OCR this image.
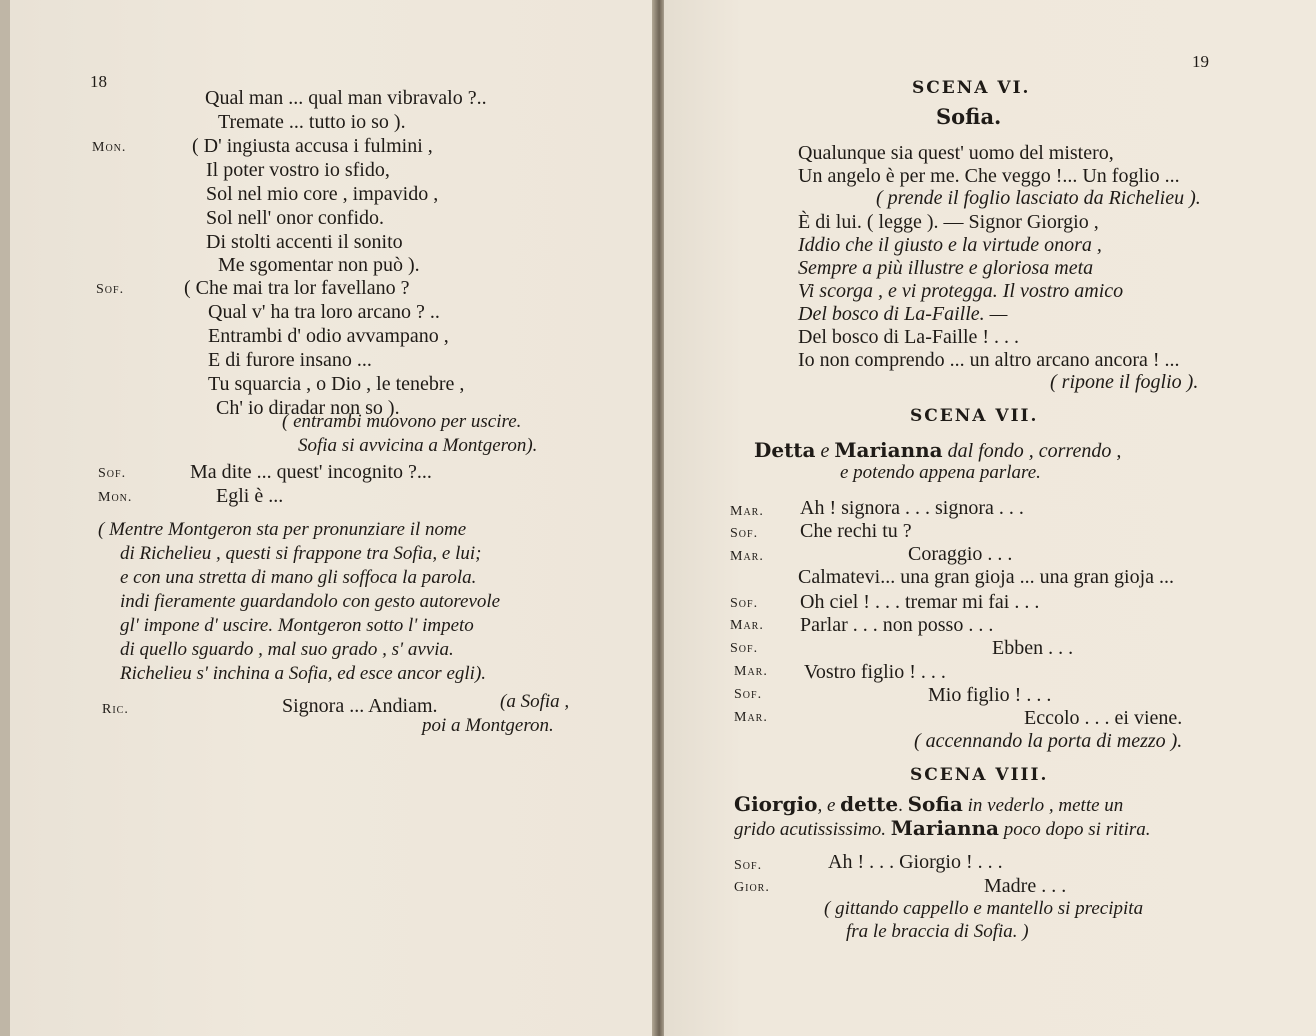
18
Qual man ... qual man vibravalo ?..
Tremate ... tutto io so ).
Mon.	( D' ingiusta accusa i fulmini ,
Il poter vostro io sfido,
Sol nel mio core , impavido ,
Sol nell' onor confido.
Di stolti accenti il sonito
Me sgomentar non può ).
Sof.	( Che mai tra lor favellano ?
Qual v' ha tra loro arcano ? ..
Entrambi d' odio avvampano ,
E di furore insano ...
Tu squarcia , o Dio , le tenebre ,
Ch' io diradar non so ).
( entrambi muovono per uscire.
Sofia si avvicina a Montgeron).
Sof.	Ma dite ... quest' incognito ?...
Mon.	Egli è ...
( Mentre Montgeron sta per pronunziare il nome
di Richelieu , questi si frappone tra Sofia, e lui;
e con una stretta di mano gli soffoca la parola.
indi fieramente guardandolo con gesto autorevole
gl' impone d' uscire. Montgeron sotto l' impeto
di quello sguardo , mal suo grado , s' avvia.
Richelieu s' inchina a Sofia, ed esce ancor egli).
Ric.	Signora ... Andiam.	(a Sofia ,
poi a Montgeron.
19
SCENA VI.
Sofia.
Qualunque sia quest' uomo del mistero,
Un angelo è per me. Che veggo !... Un foglio ...
( prende il foglio lasciato da Richelieu ).
È di lui. ( legge ). — Signor Giorgio ,
Iddio che il giusto e la virtude onora ,
Sempre a più illustre e gloriosa meta
Vi scorga , e vi protegga. Il vostro amico
Del bosco di La-Faille. —
Del bosco di La-Faille ! . . .
Io non comprendo ... un altro arcano ancora ! ...
( ripone il foglio ).
SCENA VII.
Detta e Marianna dal fondo , correndo ,
e potendo appena parlare.
Mar. Ah ! signora . . . signora . . .
Sof. Che rechi tu ?
Mar.	Coraggio . . .
Calmatevi... una gran gioja ... una gran gioja ...
Sof. Oh ciel ! . . . tremar mi fai . . .
Mar. Parlar . . . non posso . . .
Sof.	Ebben . . .
Mar. Vostro figlio ! . . .
Sof.	Mio figlio ! . . .
Mar.	Eccolo . . . ei viene.
( accennando la porta di mezzo ).
SCENA VIII.
Giorgio, e dette. Sofia in vederlo , mette un
grido acutississimo. Marianna poco dopo si ritira.
Sof.	Ah ! . . . Giorgio ! . . .
Gior.	Madre . . .
( gittando cappello e mantello si precipita
fra le braccia di Sofia. )
